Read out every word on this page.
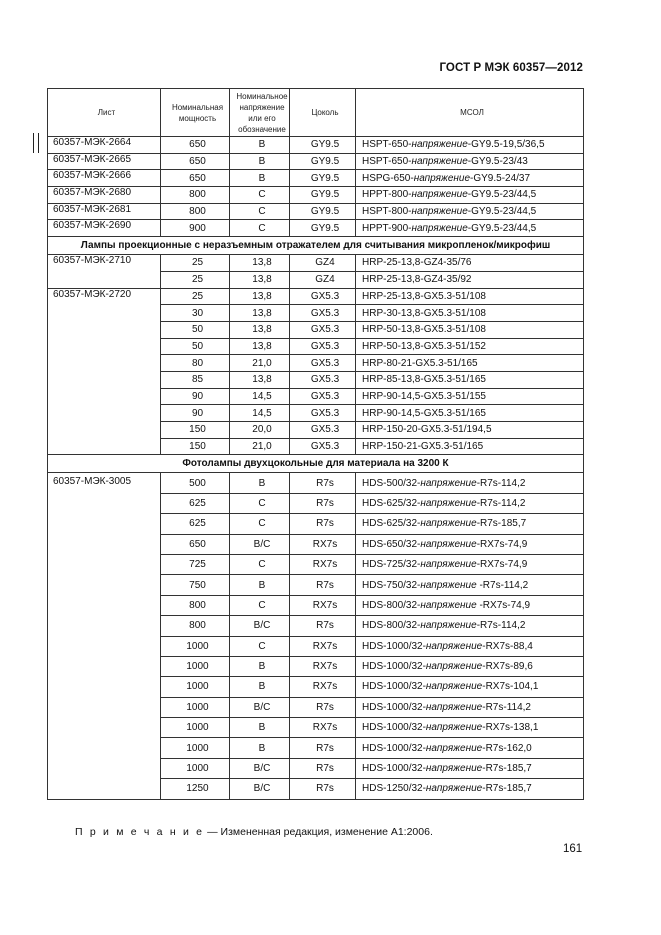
ГОСТ Р МЭК 60357—2012
Лист	Номинальная мощность	Номинальное напряжение или его обозначение	Цоколь	МСОЛ
60357-МЭК-2664	650	В	GY9.5	HSPT-650-напряжение-GY9.5-19,5/36,5
60357-МЭК-2665	650	В	GY9.5	HSPT-650-напряжение-GY9.5-23/43
60357-МЭК-2666	650	В	GY9.5	HSPG-650-напряжение-GY9.5-24/37
60357-МЭК-2680	800	С	GY9.5	HPPT-800-напряжение-GY9.5-23/44,5
60357-МЭК-2681	800	С	GY9.5	HSPT-800-напряжение-GY9.5-23/44,5
60357-МЭК-2690	900	С	GY9.5	HPPT-900-напряжение-GY9.5-23/44,5
Лампы проекционные с неразъемным отражателем для считывания микропленок/микрофиш				
60357-МЭК-2710	25	13,8	GZ4	HRP-25-13,8-GZ4-35/76
	25	13,8	GZ4	HRP-25-13,8-GZ4-35/92
60357-МЭК-2720	25	13,8	GX5.3	HRP-25-13,8-GX5.3-51/108
	30	13,8	GX5.3	HRP-30-13,8-GX5.3-51/108
	50	13,8	GX5.3	HRP-50-13,8-GX5.3-51/108
	50	13,8	GX5.3	HRP-50-13,8-GX5.3-51/152
	80	21,0	GX5.3	HRP-80-21-GX5.3-51/165
	85	13,8	GX5.3	HRP-85-13,8-GX5.3-51/165
	90	14,5	GX5.3	HRP-90-14,5-GX5.3-51/155
	90	14,5	GX5.3	HRP-90-14,5-GX5.3-51/165
	150	20,0	GX5.3	HRP-150-20-GX5.3-51/194,5
	150	21,0	GX5.3	HRP-150-21-GX5.3-51/165
Фотолампы двухцокольные для материала на 3200 К				
60357-МЭК-3005	500	В	R7s	HDS-500/32-напряжение-R7s-114,2
	625	С	R7s	HDS-625/32-напряжение-R7s-114,2
	625	С	R7s	HDS-625/32-напряжение-R7s-185,7
	650	В/С	RX7s	HDS-650/32-напряжение-RX7s-74,9
	725	С	RX7s	HDS-725/32-напряжение-RX7s-74,9
	750	В	R7s	HDS-750/32-напряжение -R7s-114,2
	800	С	RX7s	HDS-800/32-напряжение -RX7s-74,9
	800	В/С	R7s	HDS-800/32-напряжение-R7s-114,2
	1000	С	RX7s	HDS-1000/32-напряжение-RX7s-88,4
	1000	В	RX7s	HDS-1000/32-напряжение-RX7s-89,6
	1000	В	RX7s	HDS-1000/32-напряжение-RX7s-104,1
	1000	В/С	R7s	HDS-1000/32-напряжение-R7s-114,2
	1000	В	RX7s	HDS-1000/32-напряжение-RX7s-138,1
	1000	В	R7s	HDS-1000/32-напряжение-R7s-162,0
	1000	В/С	R7s	HDS-1000/32-напряжение-R7s-185,7
	1250	В/С	R7s	HDS-1250/32-напряжение-R7s-185,7
П р и м е ч а н и е — Измененная редакция, изменение А1:2006.
161
